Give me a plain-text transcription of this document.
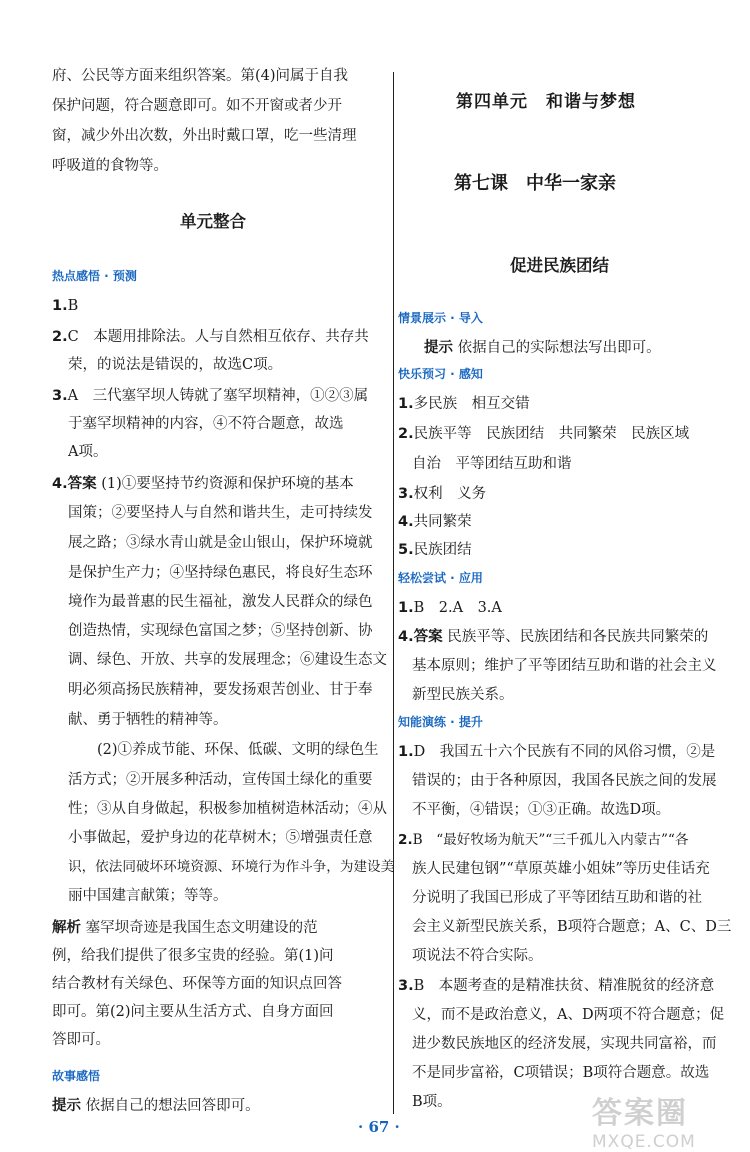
府、公民等方面来组织答案。第(4)问属于自我
保护问题，符合题意即可。如不开窗或者少开
窗，减少外出次数，外出时戴口罩，吃一些清理
呼吸道的食物等。
单元整合
热点感悟 · 预测
1.B
2.C　本题用排除法。人与自然相互依存、共存共
荣，的说法是错误的，故选C项。
3.A　三代塞罕坝人铸就了塞罕坝精神，①②③属
于塞罕坝精神的内容，④不符合题意，故选
A项。
4.答案 (1)①要坚持节约资源和保护环境的基本
国策；②要坚持人与自然和谐共生，走可持续发
展之路；③绿水青山就是金山银山，保护环境就
是保护生产力；④坚持绿色惠民，将良好生态环
境作为最普惠的民生福祉，激发人民群众的绿色
创造热情，实现绿色富国之梦；⑤坚持创新、协
调、绿色、开放、共享的发展理念；⑥建设生态文
明必须高扬民族精神，要发扬艰苦创业、甘于奉
献、勇于牺牲的精神等。
　　(2)①养成节能、环保、低碳、文明的绿色生
活方式；②开展多种活动，宣传国土绿化的重要
性；③从自身做起，积极参加植树造林活动；④从
小事做起，爱护身边的花草树木；⑤增强责任意
识，依法同破坏环境资源、环境行为作斗争，为建设美
丽中国建言献策；等等。
解析 塞罕坝奇迹是我国生态文明建设的范
例，给我们提供了很多宝贵的经验。第(1)问
结合教材有关绿色、环保等方面的知识点回答
即可。第(2)问主要从生活方式、自身方面回
答即可。
故事感悟
提示 依据自己的想法回答即可。
第四单元　和谐与梦想
第七课　中华一家亲
促进民族团结
情景展示 · 导入
提示 依据自己的实际想法写出即可。
快乐预习 · 感知
1.多民族　相互交错
2.民族平等　民族团结　共同繁荣　民族区域
自治　平等团结互助和谐
3.权利　义务
4.共同繁荣
5.民族团结
轻松尝试 · 应用
1.B　2.A　3.A
4.答案 民族平等、民族团结和各民族共同繁荣的
基本原则；维护了平等团结互助和谐的社会主义
新型民族关系。
知能演练 · 提升
1.D　我国五十六个民族有不同的风俗习惯，②是
错误的；由于各种原因，我国各民族之间的发展
不平衡，④错误；①③正确。故选D项。
2.B　“最好牧场为航天”“三千孤儿入内蒙古”“各
族人民建包钢”“草原英雄小姐妹”等历史佳话充
分说明了我国已形成了平等团结互助和谐的社
会主义新型民族关系，B项符合题意；A、C、D三
项说法不符合实际。
3.B　本题考查的是精准扶贫、精准脱贫的经济意
义，而不是政治意义，A、D两项不符合题意；促
进少数民族地区的经济发展，实现共同富裕，而
不是同步富裕，C项错误；B项符合题意。故选
B项。
· 67 ·	答案圈
MXQE.COM
